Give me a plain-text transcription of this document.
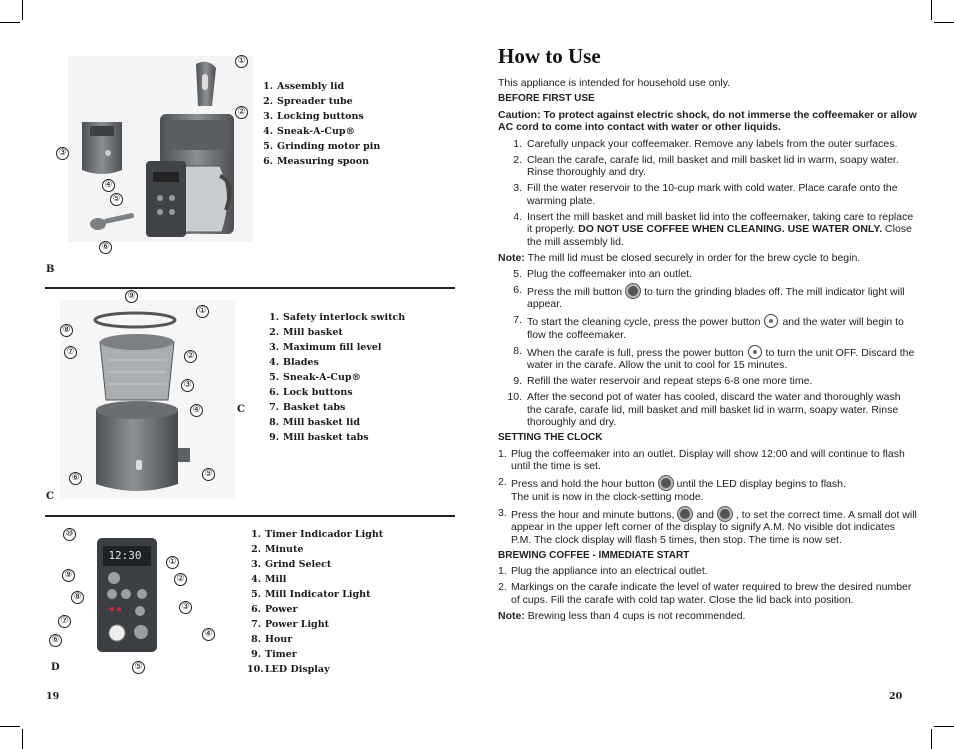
①
②
③
④
⑤
⑥
1. Assembly lid
2. Spreader tube
3. Locking buttons
4. Sneak-A-Cup®
5. Grinding motor pin
6. Measuring spoon
B
⑨
①
⑧
⑦	②
③
④
⑥	⑤
C
1. Safety interlock switch
2. Mill basket
3. Maximum fill level
4. Blades
5. Sneak-A-Cup®
6. Lock buttons
7. Basket tabs
8. Mill basket lid
9. Mill basket tabs
C
12:30
⑩
⑨
⑧
⑦
⑥
①
②
③
④
⑤
1. Timer Indicador Light
2. Minute
3. Grind Select
4. Mill
5. Mill Indicator Light
6. Power
7. Power Light
8. Hour
9. Timer
10.LED Display
D
19
How to Use

This appliance is intended for household use only.

BEFORE FIRST USE

Caution: To protect against electric shock, do not immerse the coffeemaker or allow AC cord to come into contact with water or other liquids.

1. Carefully unpack your coffeemaker. Remove any labels from the outer surfaces.
2. Clean the carafe, carafe lid, mill basket and mill basket lid in warm, soapy water. Rinse thoroughly and dry.
3. Fill the water reservoir to the 10-cup mark with cold water. Place carafe onto the warming plate.
4. Insert the mill basket and mill basket lid into the coffeemaker, taking care to replace it properly. DO NOT USE COFFEE WHEN CLEANING. USE WATER ONLY. Close the mill assembly lid.

Note: The mill lid must be closed securely in order for the brew cycle to begin.

5. Plug the coffeemaker into an outlet.
6. Press the mill button to turn the grinding blades off. The mill indicator light will appear.
7. To start the cleaning cycle, press the power button and the water will begin to flow the coffeemaker.
8. When the carafe is full, press the power button to turn the unit OFF. Discard the water in the carafe. Allow the unit to cool for 15 minutes.
9. Refill the water reservoir and repeat steps 6-8 one more time.
10. After the second pot of water has cooled, discard the water and thoroughly wash the carafe, carafe lid, mill basket and mill basket lid in warm, soapy water. Rinse thoroughly and dry.

SETTING THE CLOCK

1. Plug the coffeemaker into an outlet. Display will show 12:00 and will continue to flash until the time is set.
2. Press and hold the hour button until the LED display begins to flash.
The unit is now in the clock-setting mode.
3. Press the hour and minute buttons, and , to set the correct time. A small dot will appear in the upper left corner of the display to signify A.M. No visible dot indicates P.M. The clock display will flash 5 times, then stop. The time is now set.

BREWING COFFEE - IMMEDIATE START

1. Plug the appliance into an electrical outlet.
2. Markings on the carafe indicate the level of water required to brew the desired number of cups. Fill the carafe with cold tap water. Close the lid back into position.

Note: Brewing less than 4 cups is not recommended.

20
